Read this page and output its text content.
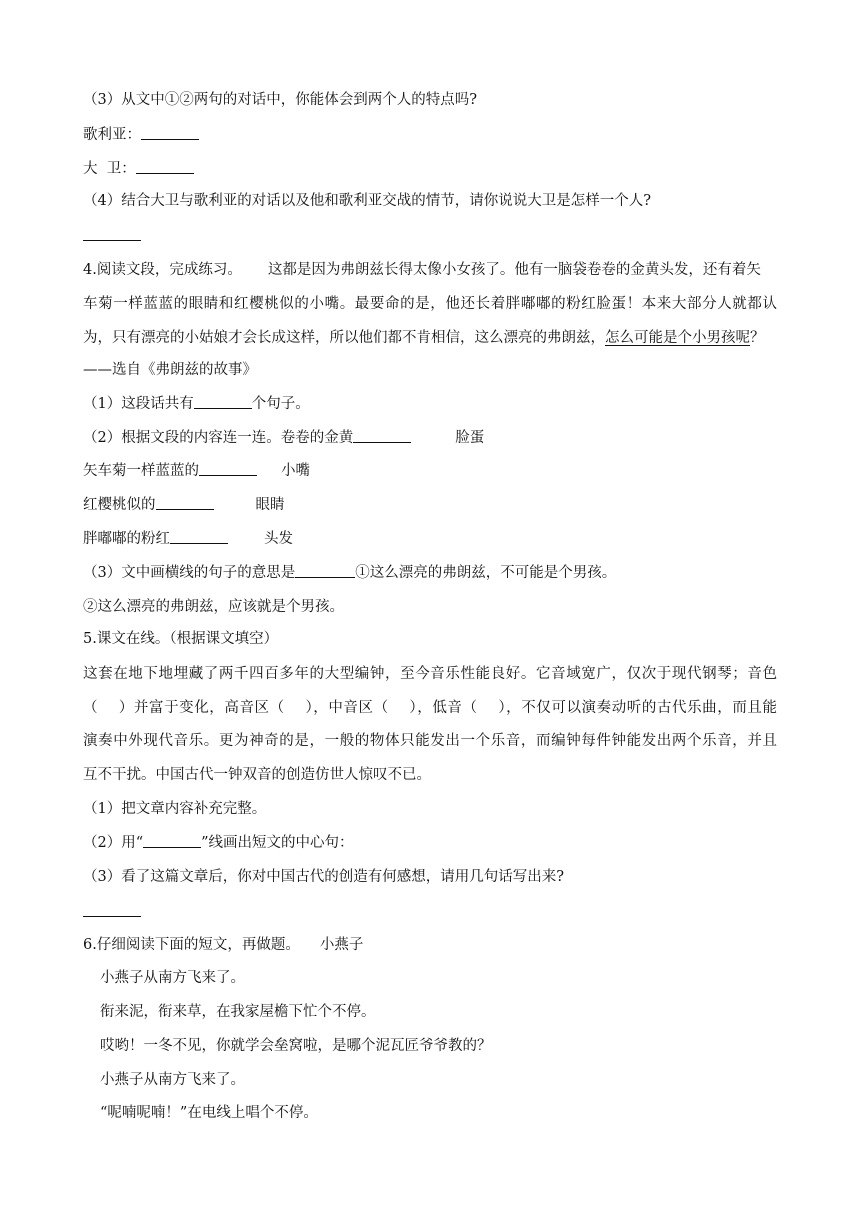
（3）从文中①②两句的对话中，你能体会到两个人的特点吗?
歌利亚：
大  卫：
（4）结合大卫与歌利亚的对话以及他和歌利亚交战的情节，请你说说大卫是怎样一个人?
4.阅读文段，完成练习。 这都是因为弗朗兹长得太像小女孩了。他有一脑袋卷卷的金黄头发，还有着矢
车菊一样蓝蓝的眼睛和红樱桃似的小嘴。最要命的是，他还长着胖嘟嘟的粉红脸蛋！本来大部分人就都认
为，只有漂亮的小姑娘才会长成这样，所以他们都不肯相信，这么漂亮的弗朗兹，怎么可能是个小男孩呢？
——选自《弗朗兹的故事》
（1）这段话共有	个句子。
（2）根据文段的内容连一连。卷卷的金黄	脸蛋
矢车菊一样蓝蓝的	小嘴
红樱桃似的	眼睛
胖嘟嘟的粉红	头发
（3）文中画横线的句子的意思是	①这么漂亮的弗朗兹，不可能是个男孩。
②这么漂亮的弗朗兹，应该就是个男孩。
5.课文在线。（根据课文填空）
这套在地下地埋藏了两千四百多年的大型编钟，至今音乐性能良好。它音域宽广，仅次于现代钢琴；音色
（    ）并富于变化，高音区（    ），中音区（    ），低音（    ），不仅可以演奏动听的古代乐曲，而且能
演奏中外现代音乐。更为神奇的是，一般的物体只能发出一个乐音，而编钟每件钟能发出两个乐音，并且
互不干扰。中国古代一钟双音的创造仿世人惊叹不已。
（1）把文章内容补充完整。
（2）用“	”线画出短文的中心句：
（3）看了这篇文章后，你对中国古代的创造有何感想，请用几句话写出来?
6.仔细阅读下面的短文，再做题。 小燕子
小燕子从南方飞来了。
衔来泥，衔来草，在我家屋檐下忙个不停。
哎哟！一冬不见，你就学会垒窝啦，是哪个泥瓦匠爷爷教的？
小燕子从南方飞来了。
“呢喃呢喃！”在电线上唱个不停。
